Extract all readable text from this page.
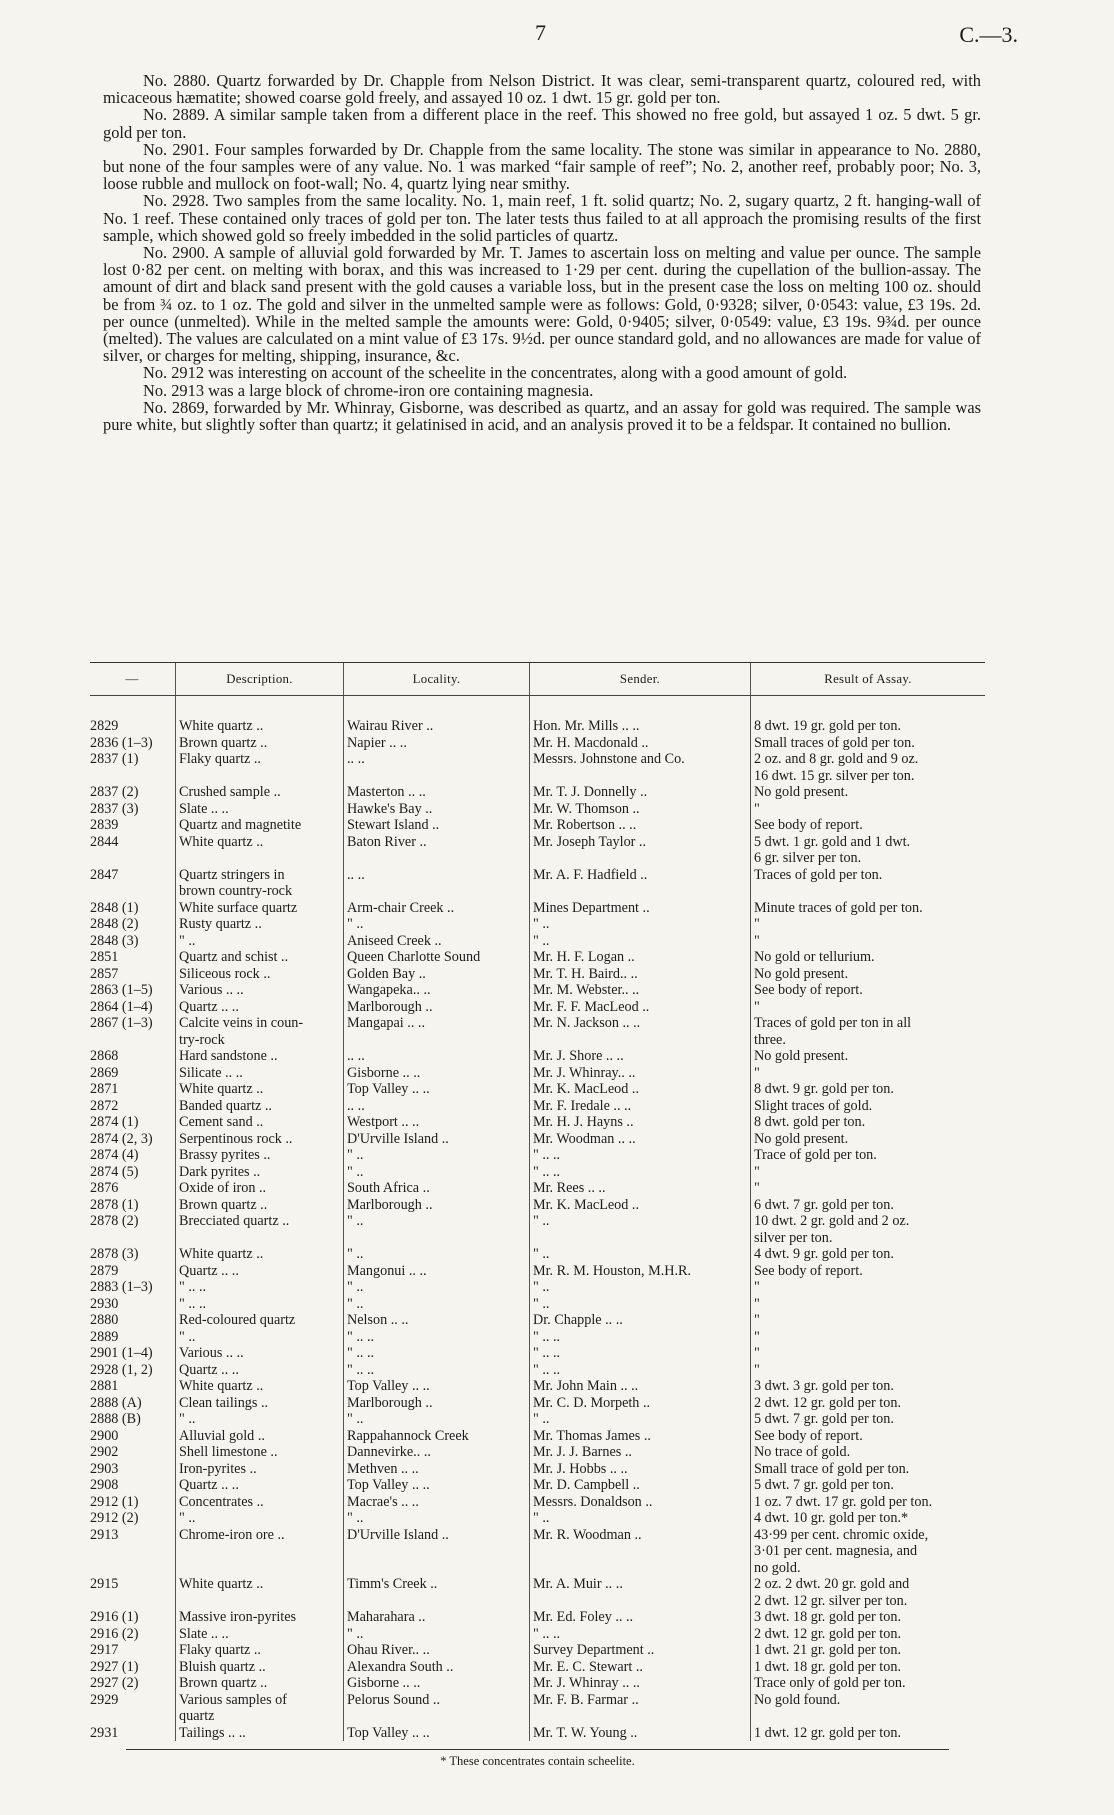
7	C.—3.

No. 2880. Quartz forwarded by Dr. Chapple from Nelson District. It was clear, semi-transparent quartz, coloured red, with micaceous hæmatite; showed coarse gold freely, and assayed 10 oz. 1 dwt. 15 gr. gold per ton.

No. 2889. A similar sample taken from a different place in the reef. This showed no free gold, but assayed 1 oz. 5 dwt. 5 gr. gold per ton.

No. 2901. Four samples forwarded by Dr. Chapple from the same locality. The stone was similar in appearance to No. 2880, but none of the four samples were of any value. No. 1 was marked “fair sample of reef”; No. 2, another reef, probably poor; No. 3, loose rubble and mullock on foot-wall; No. 4, quartz lying near smithy.

No. 2928. Two samples from the same locality. No. 1, main reef, 1 ft. solid quartz; No. 2, sugary quartz, 2 ft. hanging-wall of No. 1 reef. These contained only traces of gold per ton. The later tests thus failed to at all approach the promising results of the first sample, which showed gold so freely imbedded in the solid particles of quartz.

No. 2900. A sample of alluvial gold forwarded by Mr. T. James to ascertain loss on melting and value per ounce. The sample lost 0·82 per cent. on melting with borax, and this was increased to 1·29 per cent. during the cupellation of the bullion-assay. The amount of dirt and black sand present with the gold causes a variable loss, but in the present case the loss on melting 100 oz. should be from ¾ oz. to 1 oz. The gold and silver in the unmelted sample were as follows: Gold, 0·9328; silver, 0·0543: value, £3 19s. 2d. per ounce (unmelted). While in the melted sample the amounts were: Gold, 0·9405; silver, 0·0549: value, £3 19s. 9¾d. per ounce (melted). The values are calculated on a mint value of £3 17s. 9½d. per ounce standard gold, and no allowances are made for value of silver, or charges for melting, shipping, insurance, &c.

No. 2912 was interesting on account of the scheelite in the concentrates, along with a good amount of gold.

No. 2913 was a large block of chrome-iron ore containing magnesia.

No. 2869, forwarded by Mr. Whinray, Gisborne, was described as quartz, and an assay for gold was required. The sample was pure white, but slightly softer than quartz; it gelatinised in acid, and an analysis proved it to be a feldspar. It contained no bullion.

—	Description.	Locality.	Sender.	Result of Assay.
2829	White quartz ..	Wairau River ..	Hon. Mr. Mills .. ..	8 dwt. 19 gr. gold per ton.
2836 (1–3)	Brown quartz ..	Napier .. ..	Mr. H. Macdonald ..	Small traces of gold per ton.
2837 (1)	Flaky quartz ..	.. ..	Messrs. Johnstone and Co.	2 oz. and 8 gr. gold and 9 oz.
16 dwt. 15 gr. silver per ton.
2837 (2)	Crushed sample ..	Masterton .. ..	Mr. T. J. Donnelly ..	No gold present.
2837 (3)	Slate .. ..	Hawke's Bay ..	Mr. W. Thomson ..	"
2839	Quartz and magnetite	Stewart Island ..	Mr. Robertson .. ..	See body of report.
2844	White quartz ..	Baton River ..	Mr. Joseph Taylor ..	5 dwt. 1 gr. gold and 1 dwt.
6 gr. silver per ton.
2847	Quartz stringers in
brown country-rock	.. ..	Mr. A. F. Hadfield ..	Traces of gold per ton.
2848 (1)	White surface quartz	Arm-chair Creek ..	Mines Department ..	Minute traces of gold per ton.
2848 (2)	Rusty quartz ..	" ..	" ..	"
2848 (3)	" ..	Aniseed Creek ..	" ..	"
2851	Quartz and schist ..	Queen Charlotte Sound	Mr. H. F. Logan ..	No gold or tellurium.
2857	Siliceous rock ..	Golden Bay ..	Mr. T. H. Baird.. ..	No gold present.
2863 (1–5)	Various .. ..	Wangapeka.. ..	Mr. M. Webster.. ..	See body of report.
2864 (1–4)	Quartz .. ..	Marlborough ..	Mr. F. F. MacLeod ..	"
2867 (1–3)	Calcite veins in coun-
try-rock	Mangapai .. ..	Mr. N. Jackson .. ..	Traces of gold per ton in all
three.
2868	Hard sandstone ..	.. ..	Mr. J. Shore .. ..	No gold present.
2869	Silicate .. ..	Gisborne .. ..	Mr. J. Whinray.. ..	"
2871	White quartz ..	Top Valley .. ..	Mr. K. MacLeod ..	8 dwt. 9 gr. gold per ton.
2872	Banded quartz ..	.. ..	Mr. F. Iredale .. ..	Slight traces of gold.
2874 (1)	Cement sand ..	Westport .. ..	Mr. H. J. Hayns ..	8 dwt. gold per ton.
2874 (2, 3)	Serpentinous rock ..	D'Urville Island ..	Mr. Woodman .. ..	No gold present.
2874 (4)	Brassy pyrites ..	" ..	" .. ..	Trace of gold per ton.
2874 (5)	Dark pyrites ..	" ..	" .. ..	"
2876	Oxide of iron ..	South Africa ..	Mr. Rees .. ..	"
2878 (1)	Brown quartz ..	Marlborough ..	Mr. K. MacLeod ..	6 dwt. 7 gr. gold per ton.
2878 (2)	Brecciated quartz ..	" ..	" ..	10 dwt. 2 gr. gold and 2 oz.
silver per ton.
2878 (3)	White quartz ..	" ..	" ..	4 dwt. 9 gr. gold per ton.
2879	Quartz .. ..	Mangonui .. ..	Mr. R. M. Houston, M.H.R.	See body of report.
2883 (1–3)	" .. ..	" ..	" ..	"
2930	" .. ..	" ..	" ..	"
2880	Red-coloured quartz	Nelson .. ..	Dr. Chapple .. ..	"
2889	" ..	" .. ..	" .. ..	"
2901 (1–4)	Various .. ..	" .. ..	" .. ..	"
2928 (1, 2)	Quartz .. ..	" .. ..	" .. ..	"
2881	White quartz ..	Top Valley .. ..	Mr. John Main .. ..	3 dwt. 3 gr. gold per ton.
2888 (A)	Clean tailings ..	Marlborough ..	Mr. C. D. Morpeth ..	2 dwt. 12 gr. gold per ton.
2888 (B)	" ..	" ..	" ..	5 dwt. 7 gr. gold per ton.
2900	Alluvial gold ..	Rappahannock Creek	Mr. Thomas James ..	See body of report.
2902	Shell limestone ..	Dannevirke.. ..	Mr. J. J. Barnes ..	No trace of gold.
2903	Iron-pyrites ..	Methven .. ..	Mr. J. Hobbs .. ..	Small trace of gold per ton.
2908	Quartz .. ..	Top Valley .. ..	Mr. D. Campbell ..	5 dwt. 7 gr. gold per ton.
2912 (1)	Concentrates ..	Macrae's .. ..	Messrs. Donaldson ..	1 oz. 7 dwt. 17 gr. gold per ton.
2912 (2)	" ..	" ..	" ..	4 dwt. 10 gr. gold per ton.*
2913	Chrome-iron ore ..	D'Urville Island ..	Mr. R. Woodman ..	43·99 per cent. chromic oxide,
3·01 per cent. magnesia, and
no gold.
2915	White quartz ..	Timm's Creek ..	Mr. A. Muir .. ..	2 oz. 2 dwt. 20 gr. gold and
2 dwt. 12 gr. silver per ton.
2916 (1)	Massive iron-pyrites	Maharahara ..	Mr. Ed. Foley .. ..	3 dwt. 18 gr. gold per ton.
2916 (2)	Slate .. ..	" ..	" .. ..	2 dwt. 12 gr. gold per ton.
2917	Flaky quartz ..	Ohau River.. ..	Survey Department ..	1 dwt. 21 gr. gold per ton.
2927 (1)	Bluish quartz ..	Alexandra South ..	Mr. E. C. Stewart ..	1 dwt. 18 gr. gold per ton.
2927 (2)	Brown quartz ..	Gisborne .. ..	Mr. J. Whinray .. ..	Trace only of gold per ton.
2929	Various samples of
quartz	Pelorus Sound ..	Mr. F. B. Farmar ..	No gold found.
2931	Tailings .. ..	Top Valley .. ..	Mr. T. W. Young ..	1 dwt. 12 gr. gold per ton.
* These concentrates contain scheelite.
